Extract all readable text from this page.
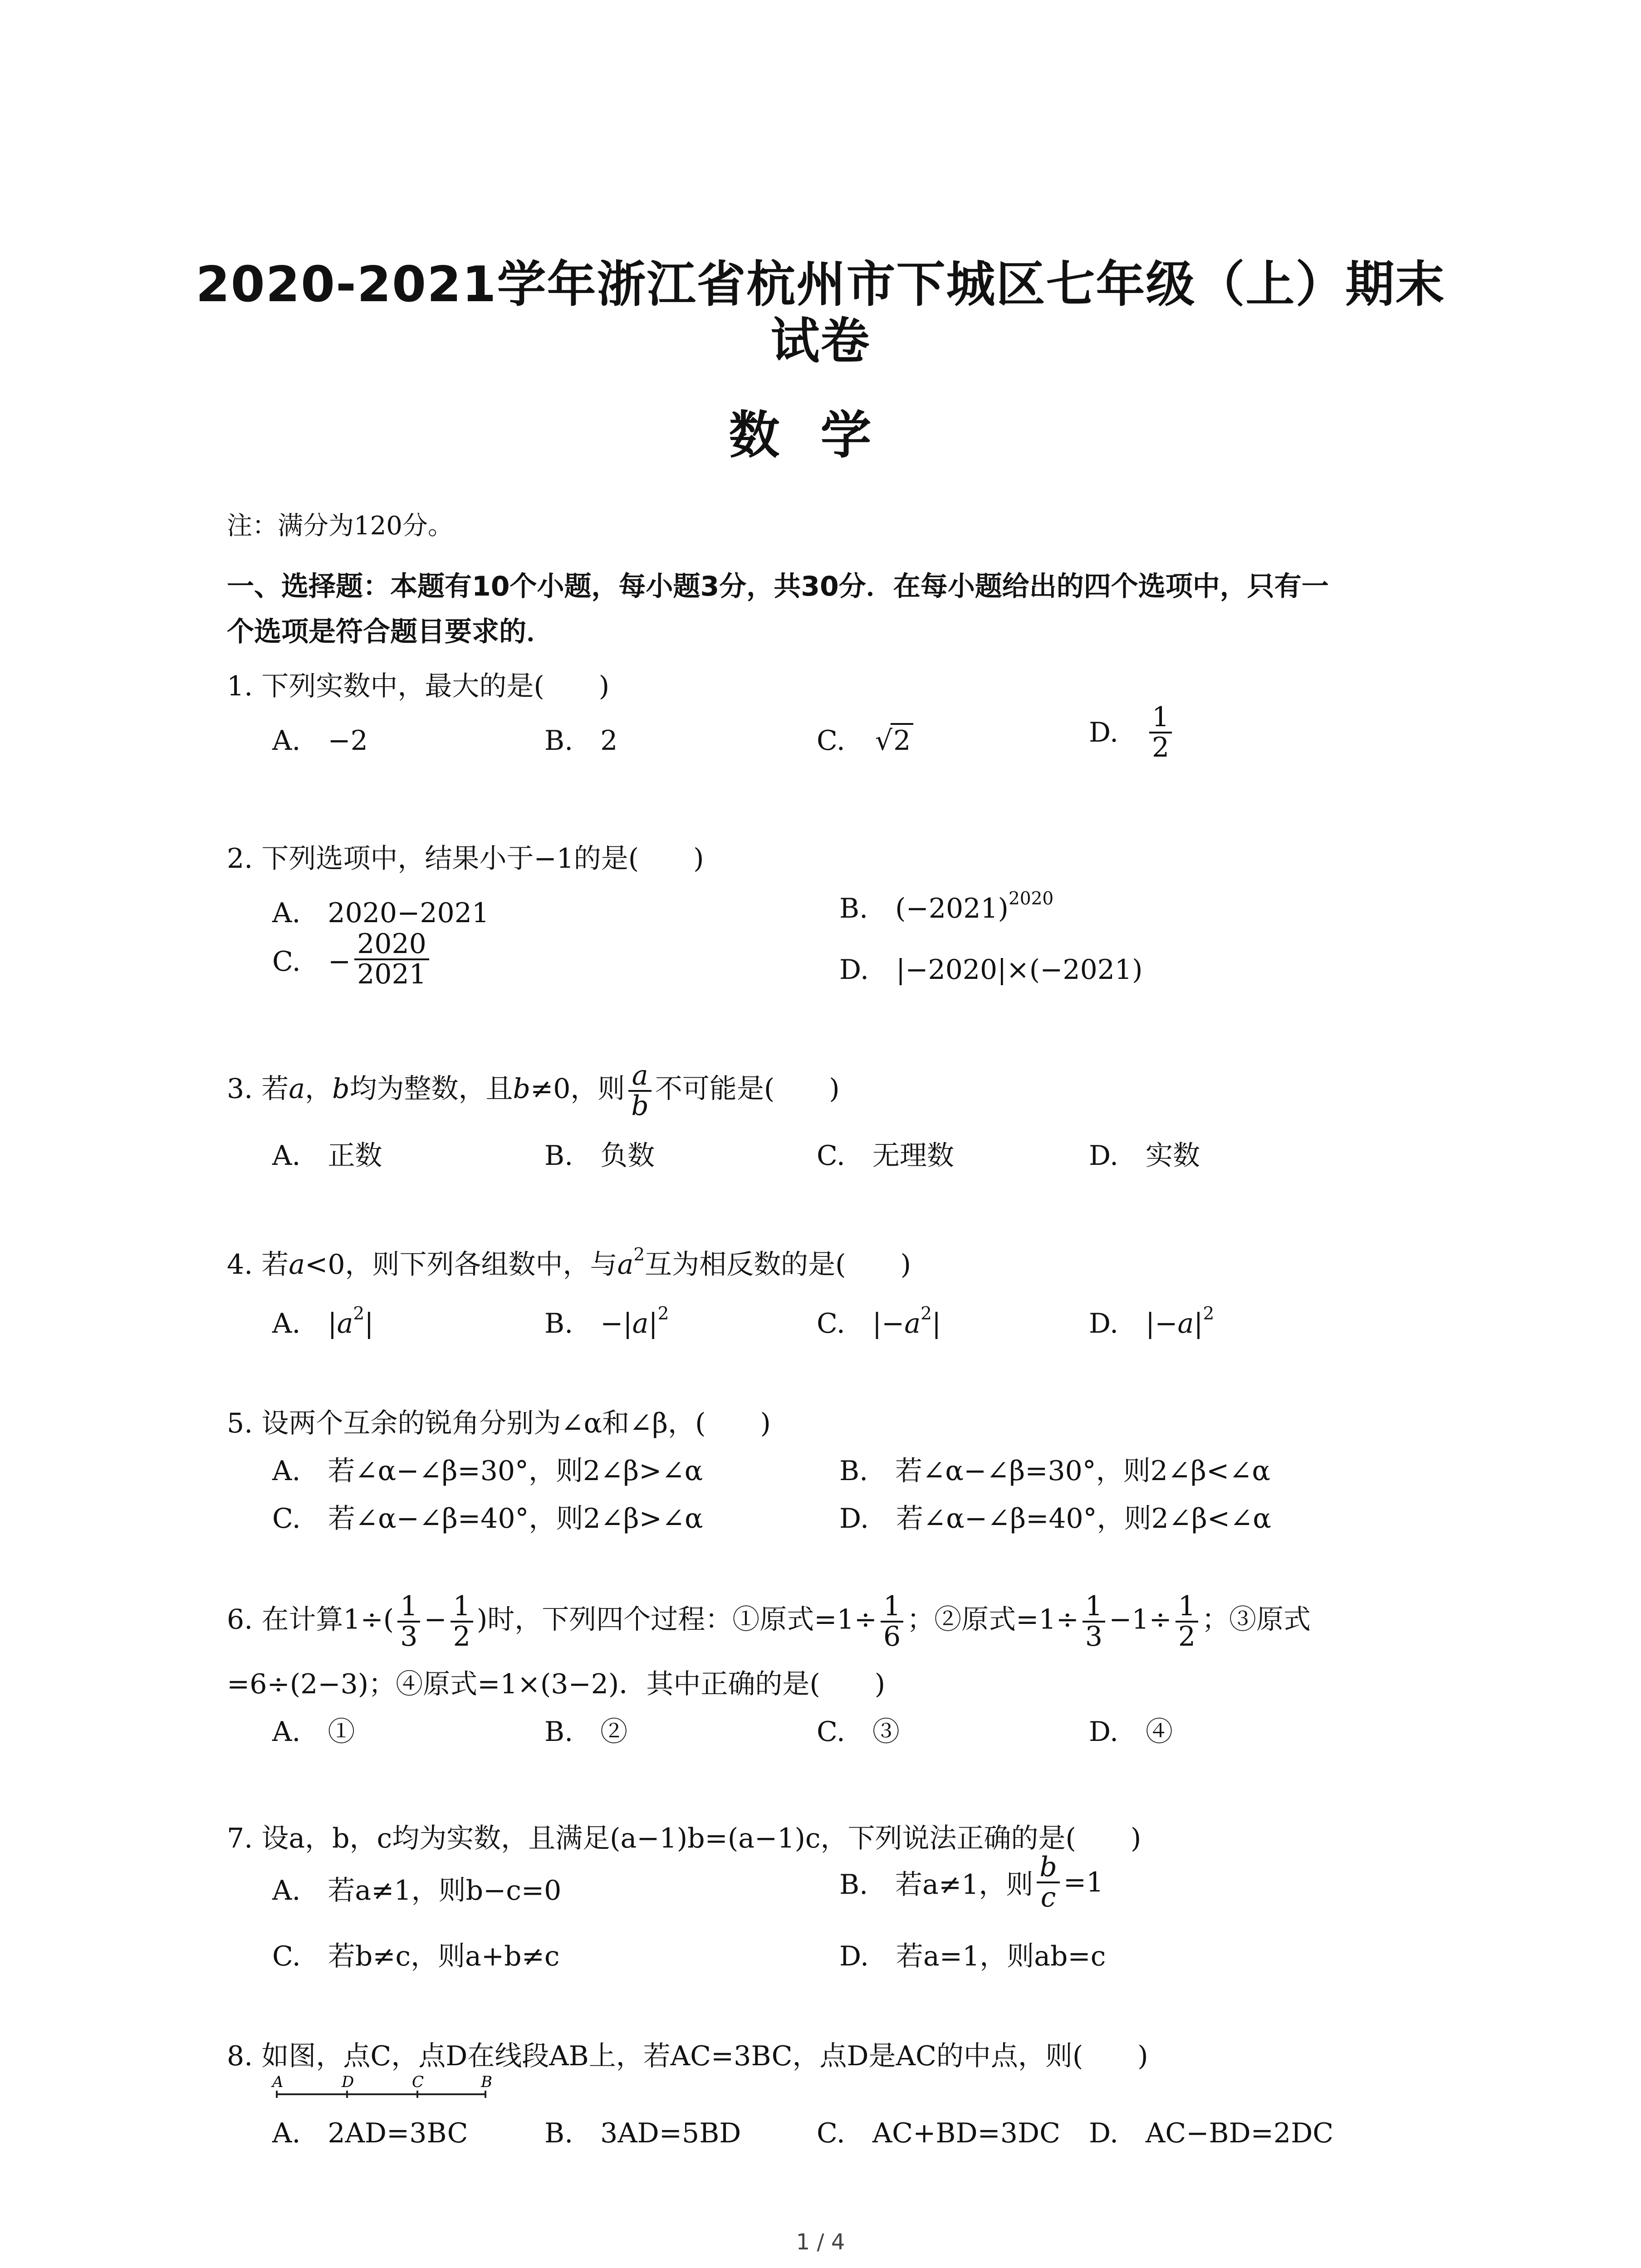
2020-2021学年浙江省杭州市下城区七年级（上）期末
试卷
数学
注：满分为120分。
一、选择题：本题有10个小题，每小题3分，共30分．在每小题给出的四个选项中，只有一
个选项是符合题目要求的．
1. 下列实数中，最大的是(　　)
A.　−2	B.　2	C.　 √2	D.　 $\frac{1}{2}$
2. 下列选项中，结果小于−1的是(　　)
A.　2020−2021	B.　$(-2021)^{2020}$
C.　− $\frac{2020}{2021}$	D.　|−2020|×(−2021)
3. 若a，b均为整数，且b≠0，则 $\frac{a}{b}$ 不可能是(　　)
A.　正数	B.　负数	C.　无理数	D.　实数
4. 若a<0，则下列各组数中，与$a^2$互为相反数的是(　　)
A.　$|a^2|$	B.　$-|a|^2$	C.　$|-a^2|$	D.　$|-a|^2$
5. 设两个互余的锐角分别为∠α和∠β，(　　)
A.　若∠α−∠β=30°，则2∠β>∠α	B.　若∠α−∠β=30°，则2∠β<∠α
C.　若∠α−∠β=40°，则2∠β>∠α	D.　若∠α−∠β=40°，则2∠β<∠α
6. 在计算$1\div( \frac{1}{3} - \frac{1}{2}$ )时，下列四个过程：①原式$=1\div \frac{1}{6}$ ；②原式$=1\div \frac{1}{3} -1\div \frac{1}{2}$ ；③原式
=6÷(2−3)；④原式=1×(3−2)．其中正确的是(　　)
A.　①	B.　②	C.　③	D.　④
7. 设a，b，c均为实数，且满足(a−1)b=(a−1)c，下列说法正确的是(　　)
A.　若a≠1，则b−c=0	B.　若a≠1，则 $\frac{b}{c} =1$
C.　若b≠c，则a+b≠c	D.　若a=1，则ab=c
8. 如图，点C，点D在线段AB上，若AC=3BC，点D是AC的中点，则(　　)
A	D	C	B
A.　2AD=3BC	B.　3AD=5BD	C.　AC+BD=3DC D.　AC−BD=2DC
1 / 4
